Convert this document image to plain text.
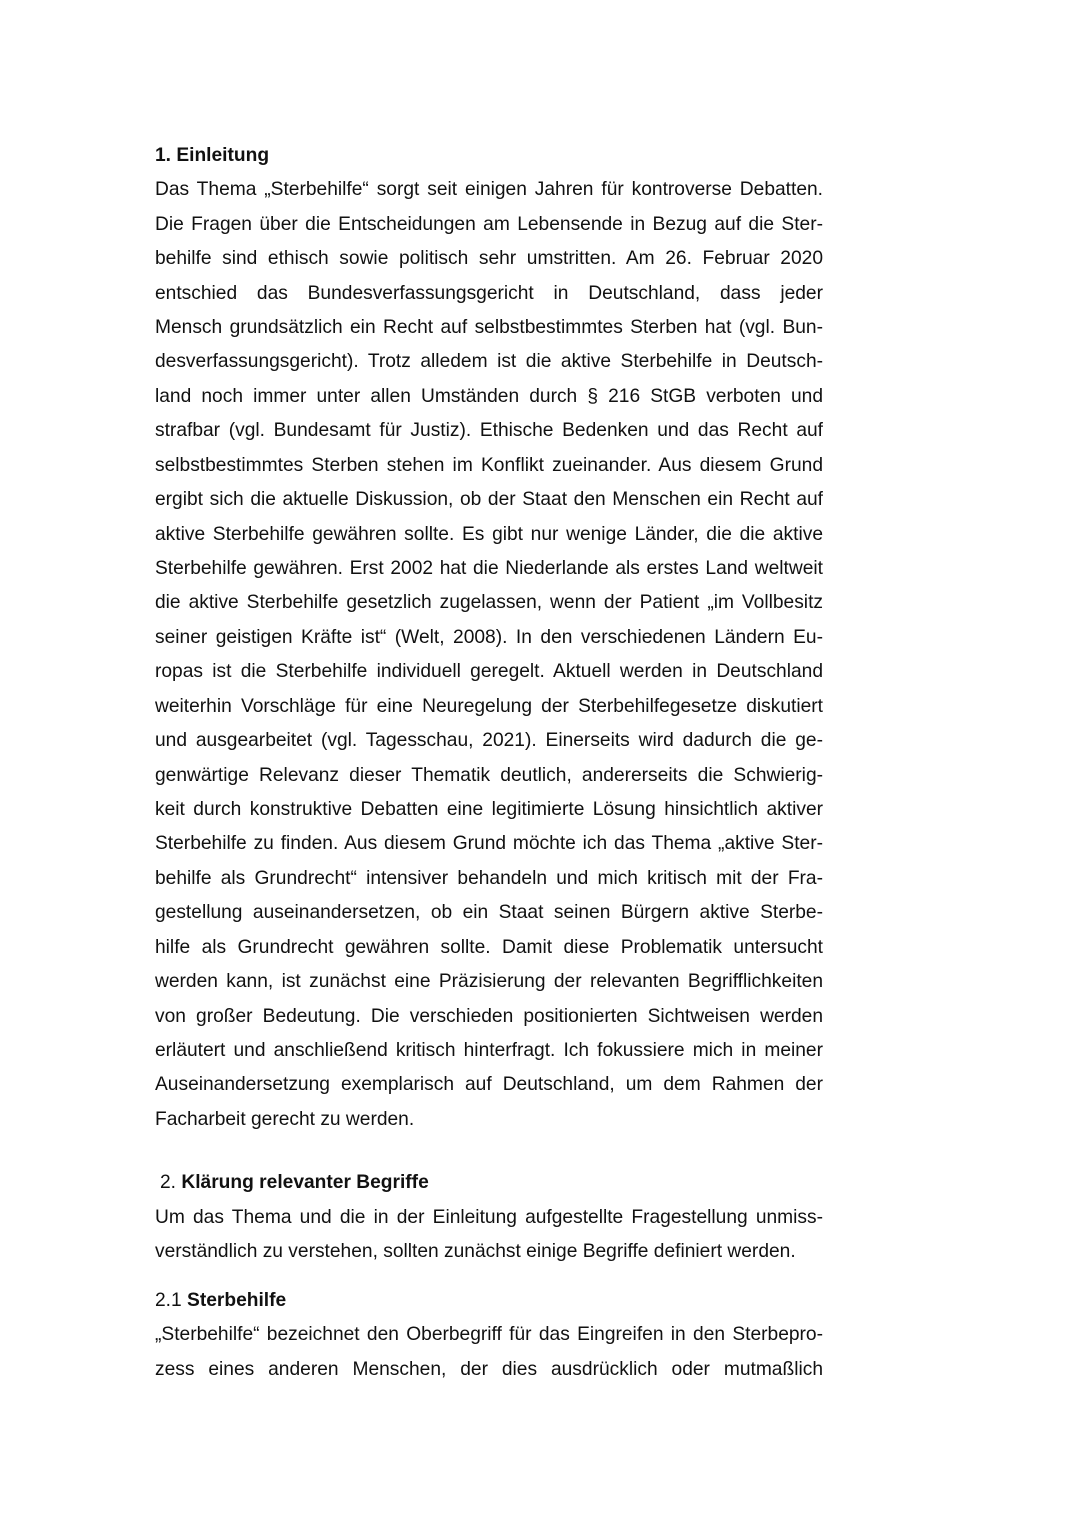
1. Einleitung
Das Thema „Sterbehilfe“ sorgt seit einigen Jahren für kontroverse Debatten.
Die Fragen über die Entscheidungen am Lebensende in Bezug auf die Ster-
behilfe sind ethisch sowie politisch sehr umstritten. Am 26. Februar 2020
entschied das Bundesverfassungsgericht in Deutschland, dass jeder
Mensch grundsätzlich ein Recht auf selbstbestimmtes Sterben hat (vgl. Bun-
desverfassungsgericht). Trotz alledem ist die aktive Sterbehilfe in Deutsch-
land noch immer unter allen Umständen durch § 216 StGB verboten und
strafbar (vgl. Bundesamt für Justiz). Ethische Bedenken und das Recht auf
selbstbestimmtes Sterben stehen im Konflikt zueinander. Aus diesem Grund
ergibt sich die aktuelle Diskussion, ob der Staat den Menschen ein Recht auf
aktive Sterbehilfe gewähren sollte. Es gibt nur wenige Länder, die die aktive
Sterbehilfe gewähren. Erst 2002 hat die Niederlande als erstes Land weltweit
die aktive Sterbehilfe gesetzlich zugelassen, wenn der Patient „im Vollbesitz
seiner geistigen Kräfte ist“ (Welt, 2008). In den verschiedenen Ländern Eu-
ropas ist die Sterbehilfe individuell geregelt. Aktuell werden in Deutschland
weiterhin Vorschläge für eine Neuregelung der Sterbehilfegesetze diskutiert
und ausgearbeitet (vgl. Tagesschau, 2021). Einerseits wird dadurch die ge-
genwärtige Relevanz dieser Thematik deutlich, andererseits die Schwierig-
keit durch konstruktive Debatten eine legitimierte Lösung hinsichtlich aktiver
Sterbehilfe zu finden. Aus diesem Grund möchte ich das Thema „aktive Ster-
behilfe als Grundrecht“ intensiver behandeln und mich kritisch mit der Fra-
gestellung auseinandersetzen, ob ein Staat seinen Bürgern aktive Sterbe-
hilfe als Grundrecht gewähren sollte. Damit diese Problematik untersucht
werden kann, ist zunächst eine Präzisierung der relevanten Begrifflichkeiten
von großer Bedeutung. Die verschieden positionierten Sichtweisen werden
erläutert und anschließend kritisch hinterfragt. Ich fokussiere mich in meiner
Auseinandersetzung exemplarisch auf Deutschland, um dem Rahmen der
Facharbeit gerecht zu werden.
2. Klärung relevanter Begriffe
Um das Thema und die in der Einleitung aufgestellte Fragestellung unmiss-
verständlich zu verstehen, sollten zunächst einige Begriffe definiert werden.
2.1 Sterbehilfe
„Sterbehilfe“ bezeichnet den Oberbegriff für das Eingreifen in den Sterbepro-
zess eines anderen Menschen, der dies ausdrücklich oder mutmaßlich
